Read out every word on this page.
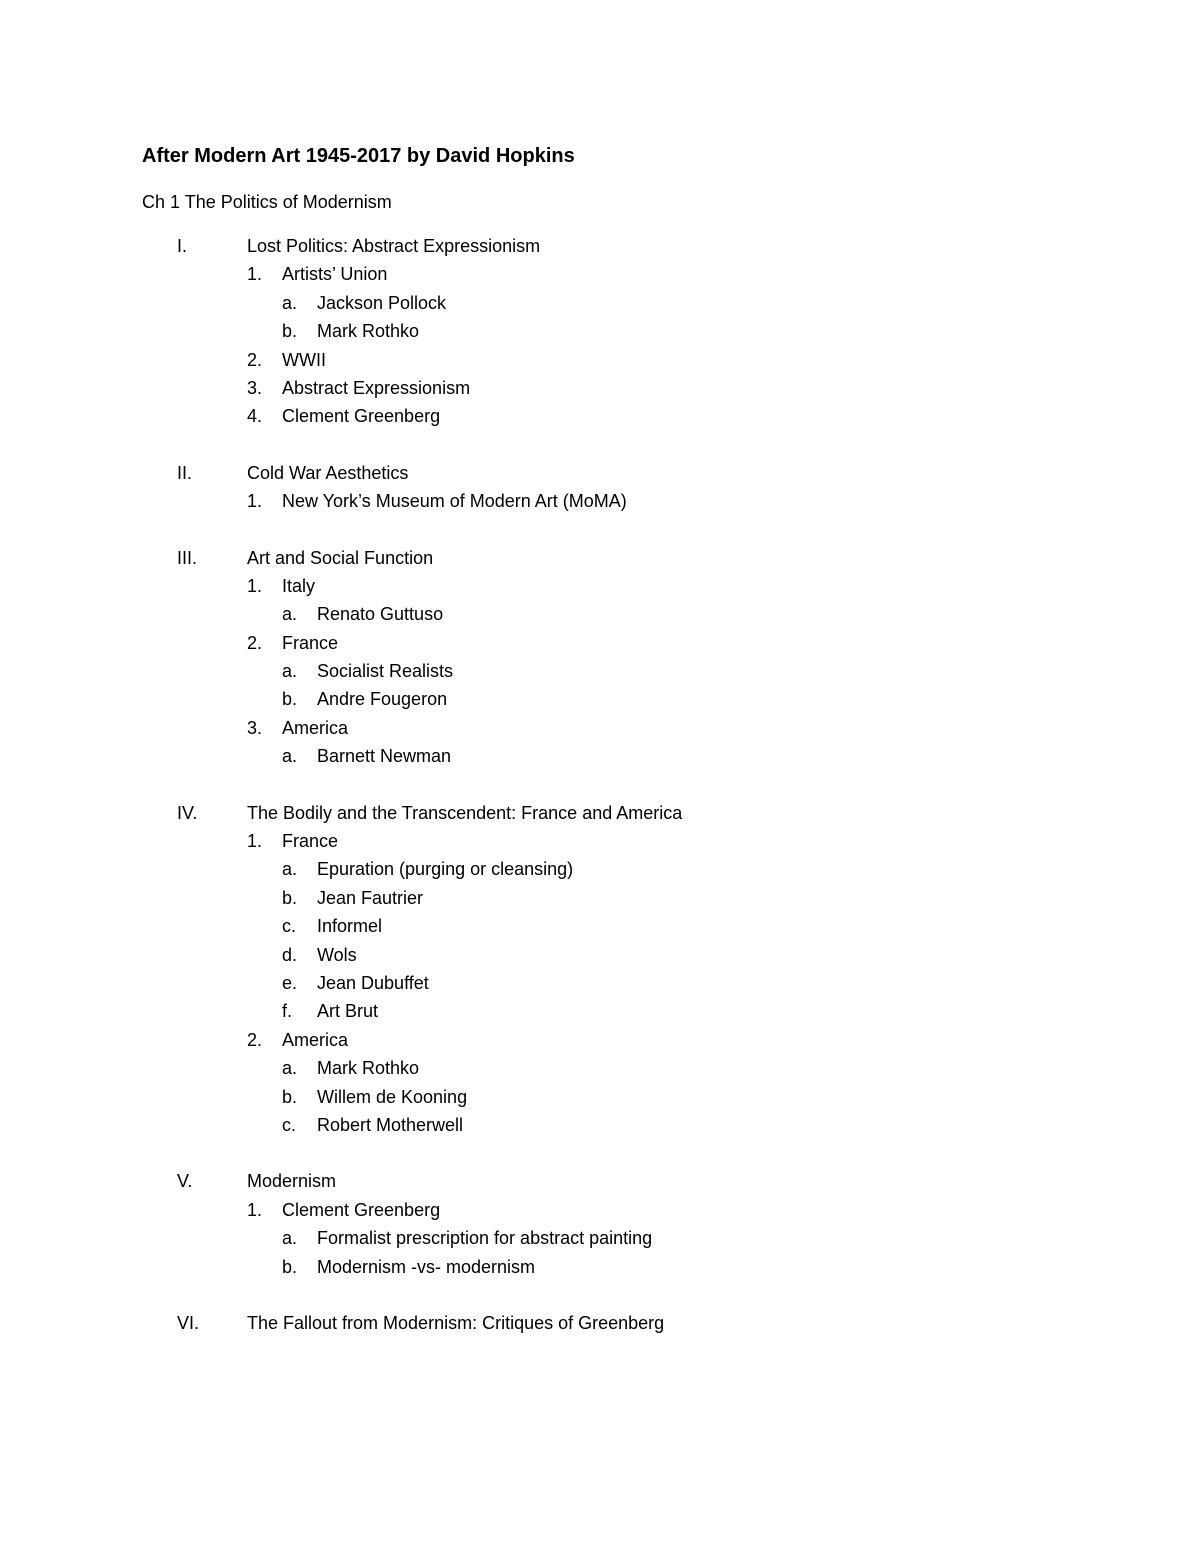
After Modern Art 1945-2017 by David Hopkins
Ch 1 The Politics of Modernism
I.	Lost Politics: Abstract Expressionism
1. Artists’ Union
a. Jackson Pollock
b. Mark Rothko
2. WWII
3. Abstract Expressionism
4. Clement Greenberg
II.	Cold War Aesthetics
1. New York’s Museum of Modern Art (MoMA)
III.	Art and Social Function
1. Italy
a. Renato Guttuso
2. France
a. Socialist Realists
b. Andre Fougeron
3. America
a. Barnett Newman
IV.	The Bodily and the Transcendent: France and America
1. France
a. Epuration (purging or cleansing)
b. Jean Fautrier
c. Informel
d. Wols
e. Jean Dubuffet
f. Art Brut
2. America
a. Mark Rothko
b. Willem de Kooning
c. Robert Motherwell
V.	Modernism
1. Clement Greenberg
a. Formalist prescription for abstract painting
b. Modernism -vs- modernism
VI.	The Fallout from Modernism: Critiques of Greenberg
